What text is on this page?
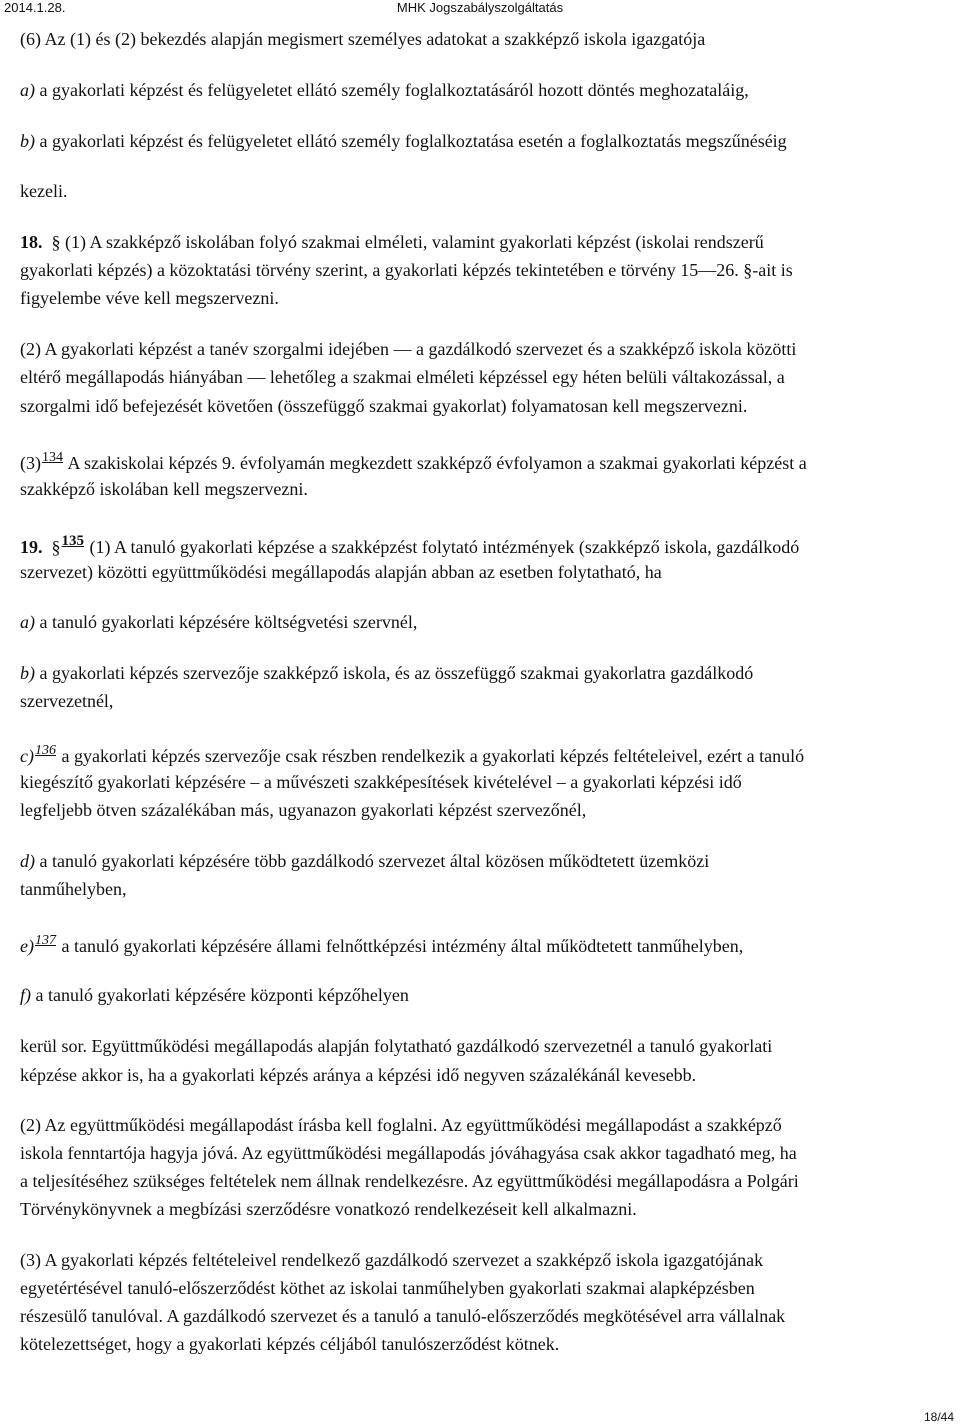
2014.1.28.	MHK Jogszabályszolgáltatás
(6) Az (1) és (2) bekezdés alapján megismert személyes adatokat a szakképző iskola igazgatója
a) a gyakorlati képzést és felügyeletet ellátó személy foglalkoztatásáról hozott döntés meghozataláig,
b) a gyakorlati képzést és felügyeletet ellátó személy foglalkoztatása esetén a foglalkoztatás megszűnéséig
kezeli.
18. § (1) A szakképző iskolában folyó szakmai elméleti, valamint gyakorlati képzést (iskolai rendszerű
gyakorlati képzés) a közoktatási törvény szerint, a gyakorlati képzés tekintetében e törvény 15—26. §-ait is
figyelembe véve kell megszervezni.
(2) A gyakorlati képzést a tanév szorgalmi idejében — a gazdálkodó szervezet és a szakképző iskola közötti
eltérő megállapodás hiányában — lehetőleg a szakmai elméleti képzéssel egy héten belüli váltakozással, a
szorgalmi idő befejezését követően (összefüggő szakmai gyakorlat) folyamatosan kell megszervezni.
(3)134 A szakiskolai képzés 9. évfolyamán megkezdett szakképző évfolyamon a szakmai gyakorlati képzést a
szakképző iskolában kell megszervezni.
19. §135 (1) A tanuló gyakorlati képzése a szakképzést folytató intézmények (szakképző iskola, gazdálkodó
szervezet) közötti együttműködési megállapodás alapján abban az esetben folytatható, ha
a) a tanuló gyakorlati képzésére költségvetési szervnél,
b) a gyakorlati képzés szervezője szakképző iskola, és az összefüggő szakmai gyakorlatra gazdálkodó
szervezetnél,
c)136 a gyakorlati képzés szervezője csak részben rendelkezik a gyakorlati képzés feltételeivel, ezért a tanuló
kiegészítő gyakorlati képzésére – a művészeti szakképesítések kivételével – a gyakorlati képzési idő
legfeljebb ötven százalékában más, ugyanazon gyakorlati képzést szervezőnél,
d) a tanuló gyakorlati képzésére több gazdálkodó szervezet által közösen működtetett üzemközi
tanműhelyben,
e)137 a tanuló gyakorlati képzésére állami felnőttképzési intézmény által működtetett tanműhelyben,
f) a tanuló gyakorlati képzésére központi képzőhelyen
kerül sor. Együttműködési megállapodás alapján folytatható gazdálkodó szervezetnél a tanuló gyakorlati
képzése akkor is, ha a gyakorlati képzés aránya a képzési idő negyven százalékánál kevesebb.
(2) Az együttműködési megállapodást írásba kell foglalni. Az együttműködési megállapodást a szakképző
iskola fenntartója hagyja jóvá. Az együttműködési megállapodás jóváhagyása csak akkor tagadható meg, ha
a teljesítéséhez szükséges feltételek nem állnak rendelkezésre. Az együttműködési megállapodásra a Polgári
Törvénykönyvnek a megbízási szerződésre vonatkozó rendelkezéseit kell alkalmazni.
(3) A gyakorlati képzés feltételeivel rendelkező gazdálkodó szervezet a szakképző iskola igazgatójának
egyetértésével tanuló-előszerződést köthet az iskolai tanműhelyben gyakorlati szakmai alapképzésben
részesülő tanulóval. A gazdálkodó szervezet és a tanuló a tanuló-előszerződés megkötésével arra vállalnak
kötelezettséget, hogy a gyakorlati képzés céljából tanulószerződést kötnek.
18/44
